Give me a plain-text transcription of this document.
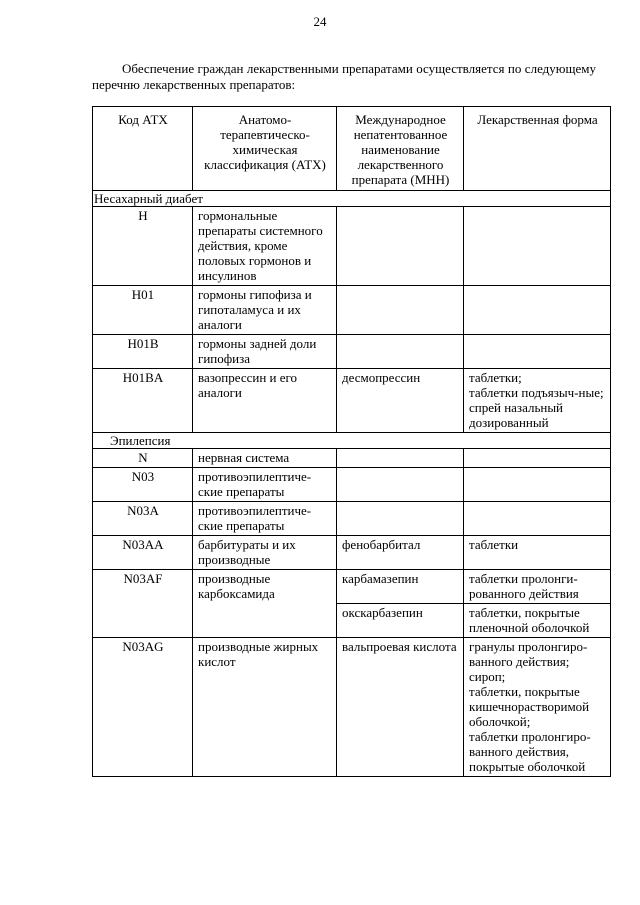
24
Обеспечение граждан лекарственными препаратами осуществляется по следующему перечню лекарственных препаратов:
Код АТХ	Анатомо-терапевтическо-химическая классификация (АТХ)	Международное непатентованное наименование лекарственного препарата (МНН)	Лекарственная форма
Несахарный диабет			
H	гормональные препараты системного действия, кроме половых гормонов и инсулинов		
H01	гормоны гипофиза и гипоталамуса и их аналоги		
H01B	гормоны задней доли гипофиза		
H01BA	вазопрессин и его аналоги	десмопрессин	таблетки;
таблетки подъязыч-ные;
спрей назальный дозированный
Эпилепсия			
N	нервная система		
N03	противоэпилептиче-ские препараты		
N03A	противоэпилептиче-ские препараты		
N03AA	барбитураты и их производные	фенобарбитал	таблетки
N03AF	производные карбоксамида	карбамазепин	таблетки пролонги-рованного действия
		окскарбазепин	таблетки, покрытые пленочной оболочкой
N03AG	производные жирных кислот	вальпроевая кислота	гранулы пролонгиро-ванного действия;
сироп;
таблетки, покрытые кишечнорастворимой оболочкой;
таблетки пролонгиро-ванного действия, покрытые оболочкой
